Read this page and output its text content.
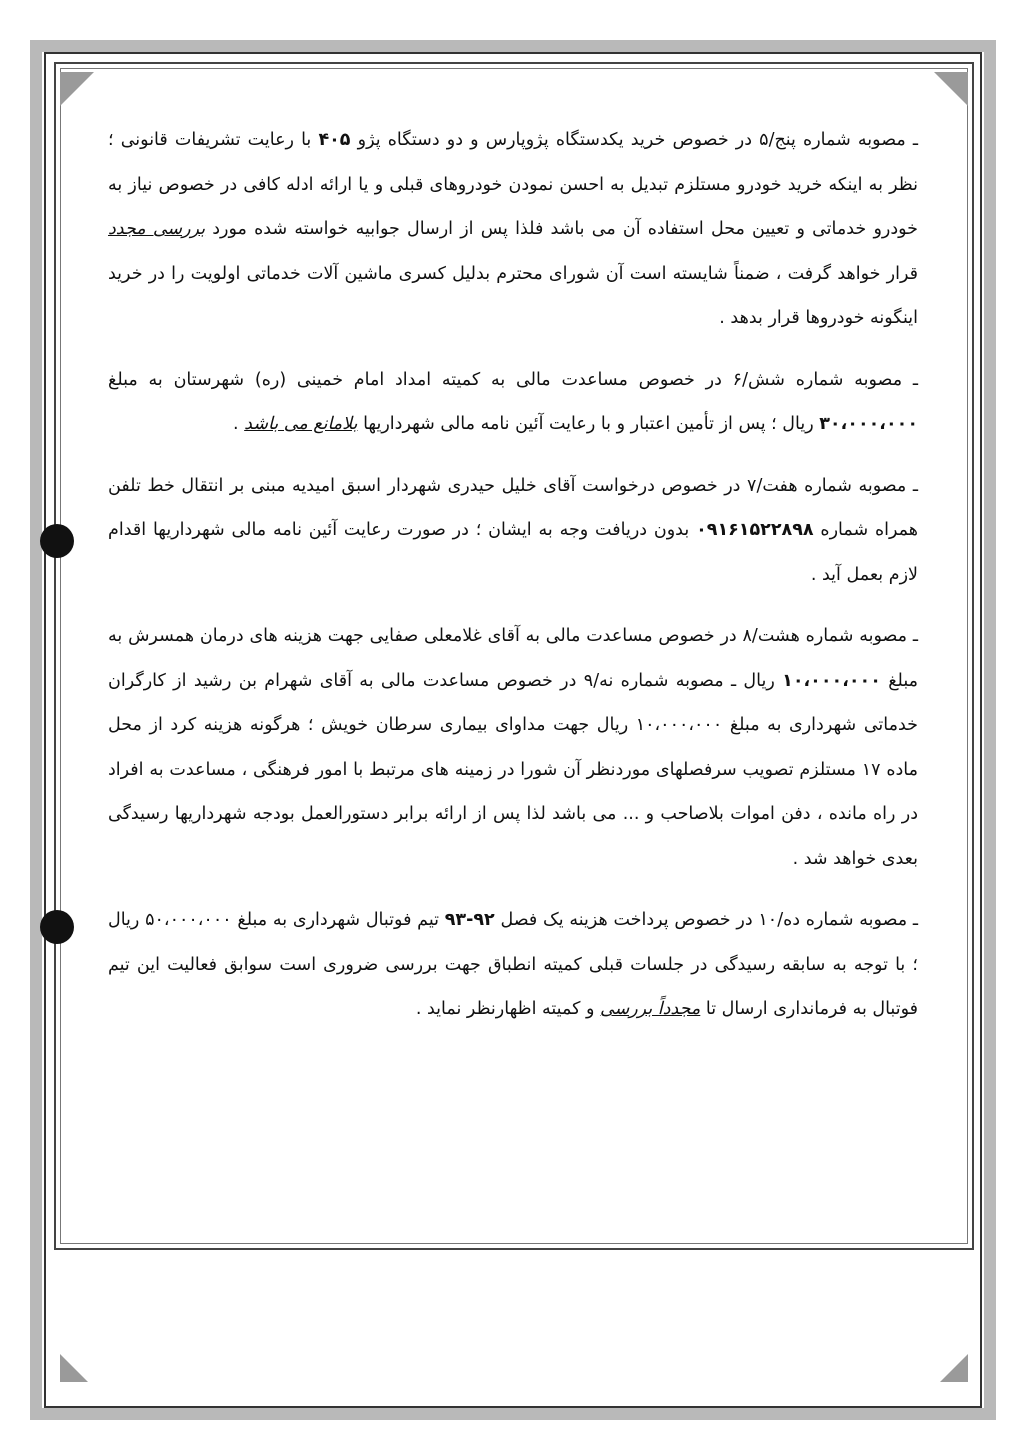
ـ مصوبه شماره پنج/۵ در خصوص خرید یکدستگاه پژوپارس و دو دستگاه پژو ۴۰۵ با رعایت تشریفات قانونی ؛ نظر به اینکه خرید خودرو مستلزم تبدیل به احسن نمودن خودروهای قبلی و یا ارائه ادله کافی در خصوص نیاز به خودرو خدماتی و تعیین محل استفاده آن می باشد فلذا پس از ارسال جوابیه خواسته شده مورد بررسی مجدد قرار خواهد گرفت ، ضمناً شایسته است آن شورای محترم بدلیل کسری ماشین آلات خدماتی اولویت را در خرید اینگونه خودروها قرار بدهد .

ـ مصوبه شماره شش/۶ در خصوص مساعدت مالی به کمیته امداد امام خمینی (ره) شهرستان به مبلغ ۳۰،۰۰۰،۰۰۰ ریال ؛ پس از تأمین اعتبار و با رعایت آئین نامه مالی شهرداریها بلامانع می باشد .

ـ مصوبه شماره هفت/۷ در خصوص درخواست آقای خلیل حیدری شهردار اسبق امیدیه مبنی بر انتقال خط تلفن همراه شماره ۰۹۱۶۱۵۲۲۸۹۸ بدون دریافت وجه به ایشان ؛ در صورت رعایت آئین نامه مالی شهرداریها اقدام لازم بعمل آید .

ـ مصوبه شماره هشت/۸ در خصوص مساعدت مالی به آقای غلامعلی صفایی جهت هزینه های درمان همسرش به مبلغ ۱۰،۰۰۰،۰۰۰ ریال ـ مصوبه شماره نه/۹ در خصوص مساعدت مالی به آقای شهرام بن رشید از کارگران خدماتی شهرداری به مبلغ ۱۰،۰۰۰،۰۰۰ ریال جهت مداوای بیماری سرطان خویش ؛ هرگونه هزینه کرد از محل ماده ۱۷ مستلزم تصویب سرفصلهای موردنظر آن شورا در زمینه های مرتبط با امور فرهنگی ، مساعدت به افراد در راه مانده ، دفن اموات بلاصاحب و ... می باشد لذا پس از ارائه برابر دستورالعمل بودجه شهرداریها رسیدگی بعدی خواهد شد .

ـ مصوبه شماره ده/۱۰ در خصوص پرداخت هزینه یک فصل ۹۲-۹۳ تیم فوتبال شهرداری به مبلغ ۵۰،۰۰۰،۰۰۰ ریال ؛ با توجه به سابقه رسیدگی در جلسات قبلی کمیته انطباق جهت بررسی ضروری است سوابق فعالیت این تیم فوتبال به فرمانداری ارسال تا مجدداً بررسی و کمیته اظهارنظر نماید .
